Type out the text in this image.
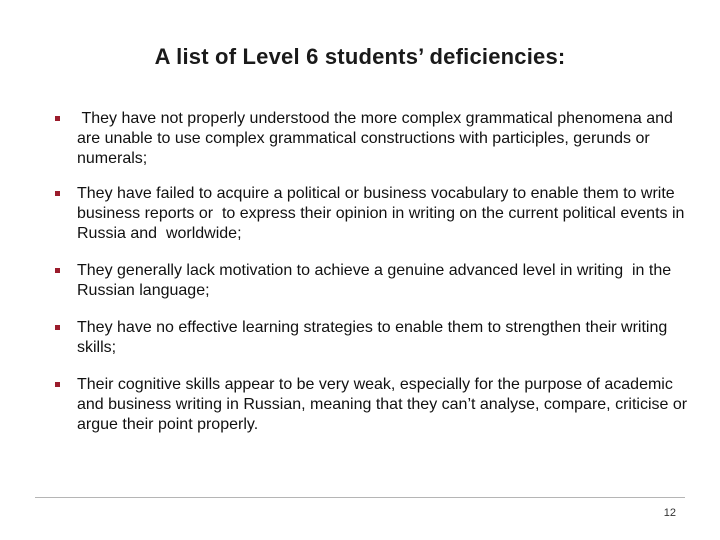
A list of Level 6 students’ deficiencies:
They have not properly understood the more complex grammatical phenomena and are unable to use complex grammatical constructions with participles, gerunds or numerals;
They have failed to acquire a political or business vocabulary to enable them to write business reports or  to express their opinion in writing on the current political events in Russia and  worldwide;
They generally lack motivation to achieve a genuine advanced level in writing  in the  Russian language;
They have no effective learning strategies to enable them to strengthen their writing skills;
Their cognitive skills appear to be very weak, especially for the purpose of academic and business writing in Russian, meaning that they can’t analyse, compare, criticise or argue their point properly.
12
